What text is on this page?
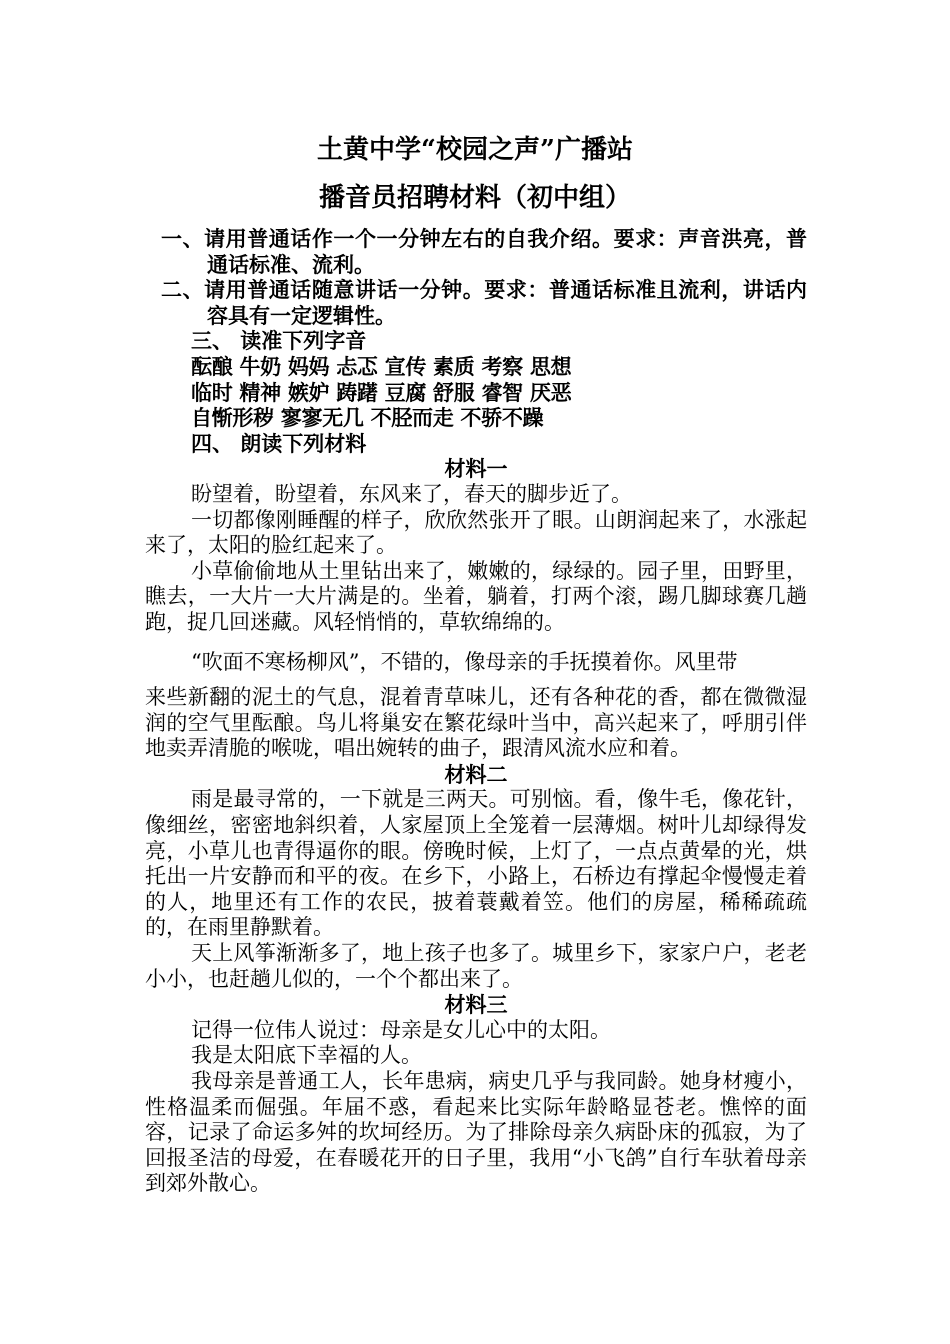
土黄中学“校园之声”广播站
播音员招聘材料（初中组）

一、请用普通话作一个一分钟左右的自我介绍。要求：声音洪亮，普通话标准、流利。

二、请用普通话随意讲话一分钟。要求：普通话标准且流利，讲话内容具有一定逻辑性。

三、 读准下列字音

酝酿 牛奶 妈妈 忐忑 宣传 素质 考察 思想

临时 精神 嫉妒 踌躇 豆腐 舒服 睿智 厌恶

自惭形秽 寥寥无几 不胫而走 不骄不躁

四、 朗读下列材料

材料一

盼望着，盼望着，东风来了，春天的脚步近了。

一切都像刚睡醒的样子，欣欣然张开了眼。山朗润起来了，水涨起来了，太阳的脸红起来了。

小草偷偷地从土里钻出来了，嫩嫩的，绿绿的。园子里，田野里，瞧去，一大片一大片满是的。坐着，躺着，打两个滚，踢几脚球赛几趟跑，捉几回迷藏。风轻悄悄的，草软绵绵的。

“吹面不寒杨柳风”，不错的，像母亲的手抚摸着你。风里带

来些新翻的泥土的气息，混着青草味儿，还有各种花的香，都在微微湿润的空气里酝酿。鸟儿将巢安在繁花绿叶当中，高兴起来了，呼朋引伴地卖弄清脆的喉咙，唱出婉转的曲子，跟清风流水应和着。

材料二

雨是最寻常的，一下就是三两天。可别恼。看，像牛毛，像花针，像细丝，密密地斜织着，人家屋顶上全笼着一层薄烟。树叶儿却绿得发亮，小草儿也青得逼你的眼。傍晚时候，上灯了，一点点黄晕的光，烘托出一片安静而和平的夜。在乡下，小路上，石桥边有撑起伞慢慢走着的人，地里还有工作的农民，披着蓑戴着笠。他们的房屋，稀稀疏疏的，在雨里静默着。

天上风筝渐渐多了，地上孩子也多了。城里乡下，家家户户，老老小小，也赶趟儿似的，一个个都出来了。

材料三

记得一位伟人说过：母亲是女儿心中的太阳。

我是太阳底下幸福的人。

我母亲是普通工人，长年患病，病史几乎与我同龄。她身材瘦小，性格温柔而倔强。年届不惑，看起来比实际年龄略显苍老。憔悴的面容，记录了命运多舛的坎坷经历。为了排除母亲久病卧床的孤寂，为了回报圣洁的母爱，在春暖花开的日子里，我用“小飞鸽”自行车驮着母亲到郊外散心。
